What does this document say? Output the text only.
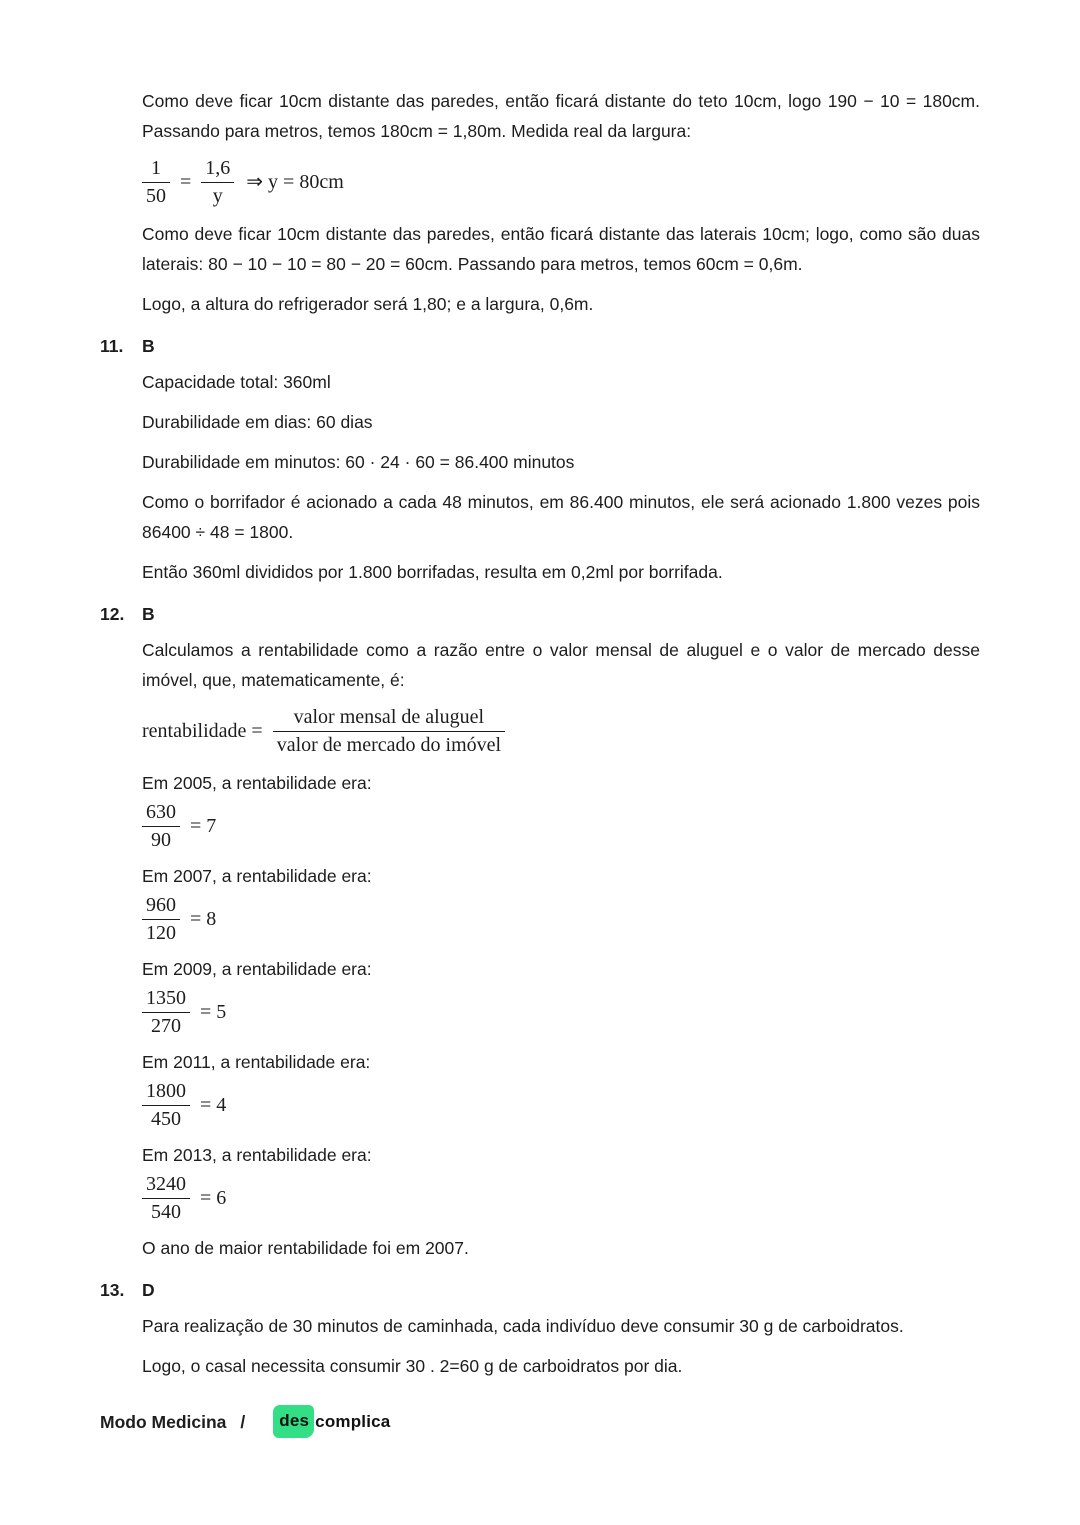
Como deve ficar 10cm distante das paredes, então ficará distante do teto 10cm, logo 190 − 10 = 180cm. Passando para metros, temos 180cm = 1,80m. Medida real da largura:

$\frac{1}{50} = \frac{1,6}{y}$ ⇒ y = 80cm

Como deve ficar 10cm distante das paredes, então ficará distante das laterais 10cm; logo, como são duas laterais: 80 − 10 − 10 = 80 − 20 = 60cm. Passando para metros, temos 60cm = 0,6m.

Logo, a altura do refrigerador será 1,80; e a largura, 0,6m.

11.	B

Capacidade total: 360ml

Durabilidade em dias: 60 dias

Durabilidade em minutos: 60 · 24 · 60 = 86.400 minutos

Como o borrifador é acionado a cada 48 minutos, em 86.400 minutos, ele será acionado 1.800 vezes pois 86400 ÷ 48 = 1800.

Então 360ml divididos por 1.800 borrifadas, resulta em 0,2ml por borrifada.

12.	B

Calculamos a rentabilidade como a razão entre o valor mensal de aluguel e o valor de mercado desse imóvel, que, matematicamente, é:

rentabilidade = $\frac{\text{valor mensal de aluguel}}{\text{valor de mercado do imóvel}}$

Em 2005, a rentabilidade era:

$\frac{630}{90} = 7$

Em 2007, a rentabilidade era:

$\frac{960}{120} = 8$

Em 2009, a rentabilidade era:

$\frac{1350}{270} = 5$

Em 2011, a rentabilidade era:

$\frac{1800}{450} = 4$

Em 2013, a rentabilidade era:

$\frac{3240}{540} = 6$

O ano de maior rentabilidade foi em 2007.

13.	D

Para realização de 30 minutos de caminhada, cada indivíduo deve consumir 30 g de carboidratos.

Logo, o casal necessita consumir 30 . 2=60 g de carboidratos por dia.

Modo Medicina /	des complica
